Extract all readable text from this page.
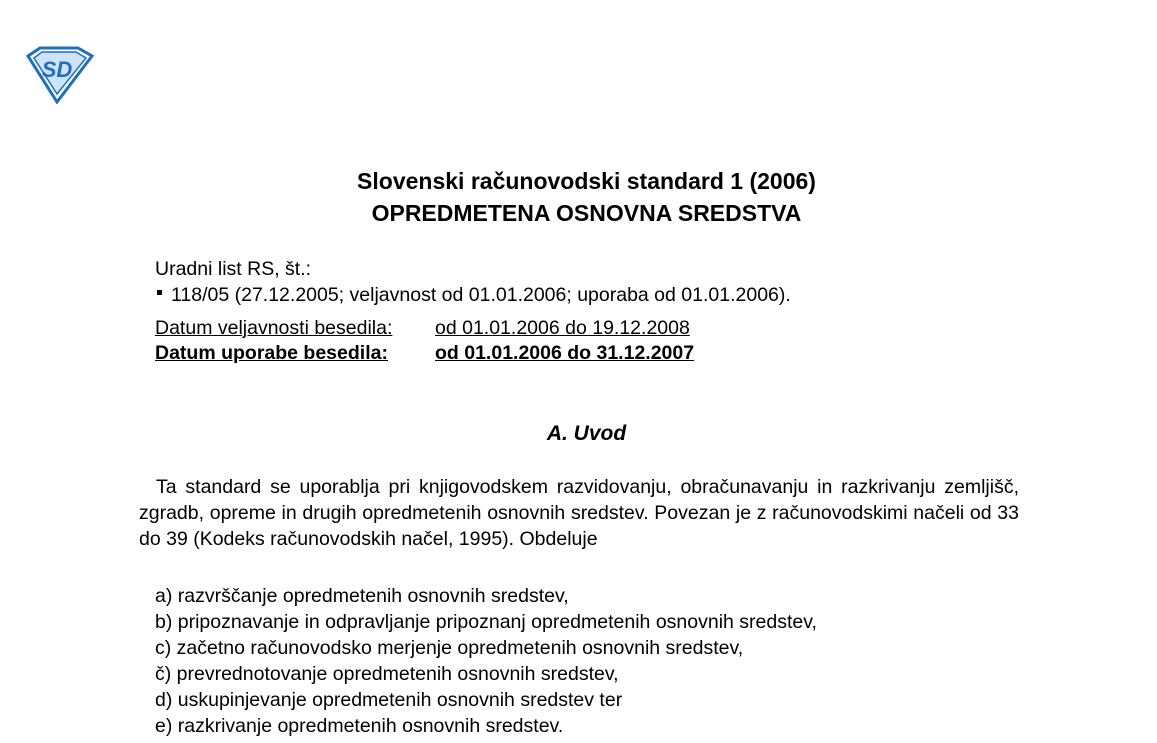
SD
Slovenski računovodski standard 1 (2006)
OPREDMETENA OSNOVNA SREDSTVA
Uradni list RS, št.:
118/05 (27.12.2005; veljavnost od 01.01.2006; uporaba od 01.01.2006).
Datum veljavnosti besedila: od 01.01.2006 do 19.12.2008
Datum uporabe besedila: od 01.01.2006 do 31.12.2007
A. Uvod

Ta standard se uporablja pri knjigovodskem razvidovanju, obračunavanju in razkrivanju zemljišč, zgradb, opreme in drugih opredmetenih osnovnih sredstev. Povezan je z računovodskimi načeli od 33 do 39 (Kodeks računovodskih načel, 1995). Obdeluje

a) razvrščanje opredmetenih osnovnih sredstev,
b) pripoznavanje in odpravljanje pripoznanj opredmetenih osnovnih sredstev,
c) začetno računovodsko merjenje opredmetenih osnovnih sredstev,
č) prevrednotovanje opredmetenih osnovnih sredstev,
d) uskupinjevanje opredmetenih osnovnih sredstev ter
e) razkrivanje opredmetenih osnovnih sredstev.
